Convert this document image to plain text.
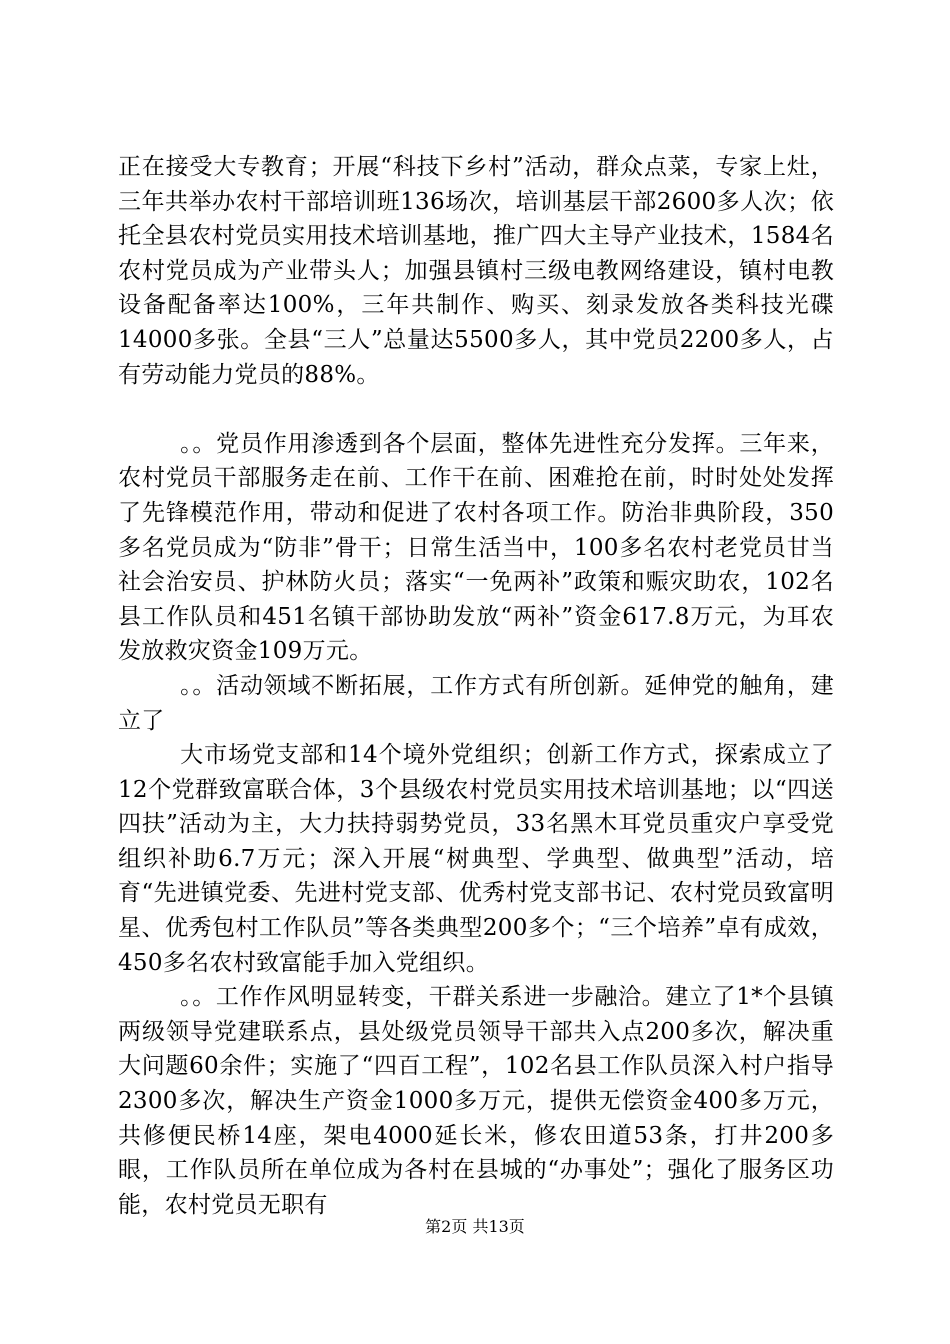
正在接受大专教育；开展“科技下乡村”活动，群众点菜，专家上灶，三年共举办农村干部培训班136场次，培训基层干部2600多人次；依托全县农村党员实用技术培训基地，推广四大主导产业技术，1584名农村党员成为产业带头人；加强县镇村三级电教网络建设，镇村电教设备配备率达100%，三年共制作、购买、刻录发放各类科技光碟14000多张。全县“三人”总量达5500多人，其中党员2200多人，占有劳动能力党员的88%。

。。党员作用渗透到各个层面，整体先进性充分发挥。三年来，农村党员干部服务走在前、工作干在前、困难抢在前，时时处处发挥了先锋模范作用，带动和促进了农村各项工作。防治非典阶段，350多名党员成为“防非”骨干；日常生活当中，100多名农村老党员甘当社会治安员、护林防火员；落实“一免两补”政策和赈灾助农，102名县工作队员和451名镇干部协助发放“两补”资金617.8万元，为耳农发放救灾资金109万元。

。。活动领域不断拓展，工作方式有所创新。延伸党的触角，建立了

大市场党支部和14个境外党组织；创新工作方式，探索成立了12个党群致富联合体，3个县级农村党员实用技术培训基地；以“四送四扶”活动为主，大力扶持弱势党员，33名黑木耳党员重灾户享受党组织补助6.7万元；深入开展“树典型、学典型、做典型”活动，培育“先进镇党委、先进村党支部、优秀村党支部书记、农村党员致富明星、优秀包村工作队员”等各类典型200多个；“三个培养”卓有成效，450多名农村致富能手加入党组织。

。。工作作风明显转变，干群关系进一步融洽。建立了1*个县镇两级领导党建联系点，县处级党员领导干部共入点200多次，解决重大问题60余件；实施了“四百工程”，102名县工作队员深入村户指导2300多次，解决生产资金1000多万元，提供无偿资金400多万元，共修便民桥14座，架电4000延长米，修农田道53条，打井200多眼，工作队员所在单位成为各村在县城的“办事处”；强化了服务区功能，农村党员无职有

第2页 共13页
